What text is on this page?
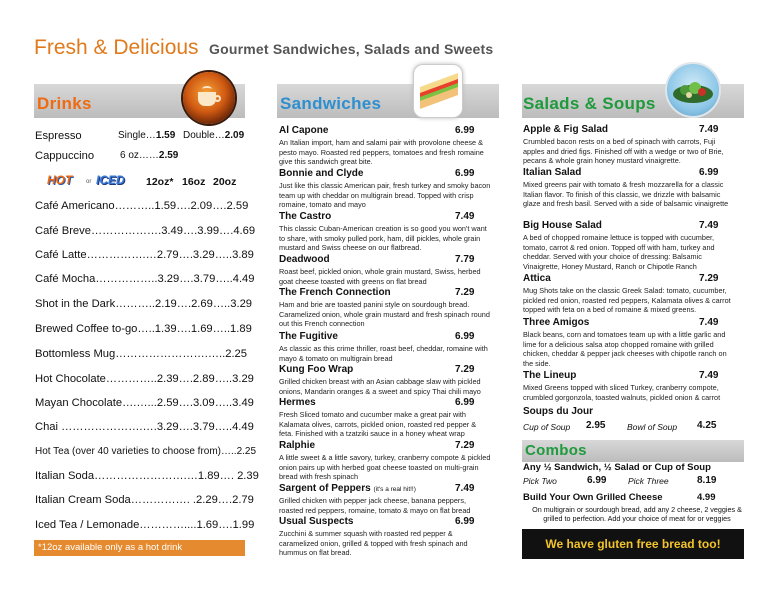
Fresh & Delicious Gourmet Sandwiches, Salads and Sweets
Drinks
Espresso	Single…1.59 Double…2.09
Cappuccino	6 oz……2.59
HOT or ICED 12oz* 16oz 20oz
Café Americano………..1.59….2.09….2.59
Café Breve……………….3.49….3.99….4.69
Café Latte…………….…2.79….3.29…..3.89
Café Mocha……………..3.29….3.79…..4.49
Shot in the Dark………..2.19….2.69…..3.29
Brewed Coffee to-go…..1.39….1.69…..1.89
Bottomless Mug…………………….…..2.25
Hot Chocolate…………..2.39….2.89…..3.29
Mayan Chocolate….…...2.59….3.09…..3.49
Chai ………………….….3.29….3.79…..4.49
Hot Tea (over 40 varieties to choose from)…..2.25
Italian Soda…………………….…1.89…. 2.39
Italian Cream Soda……………. .2.29….2.79
Iced Tea / Lemonade…………....1.69….1.99
*12oz available only as a hot drink
Sandwiches
Al Capone	6.99
An Italian import, ham and salami pair with provolone cheese & pesto mayo. Roasted red peppers, tomatoes and fresh romaine give this sandwich great bite.
Bonnie and Clyde	6.99
Just like this classic American pair, fresh turkey and smoky bacon team up with cheddar on multigrain bread. Topped with crisp romaine, tomato and mayo
The Castro	7.49
This classic Cuban-American creation is so good you won't want to share, with smoky pulled pork, ham, dill pickles, whole grain mustard and Swiss cheese on our flatbread.
Deadwood	7.79
Roast beef, pickled onion, whole grain mustard, Swiss, herbed goat cheese toasted with greens on flat bread
The French Connection	7.29
Ham and brie are toasted panini style on sourdough bread. Caramelized onion, whole grain mustard and fresh spinach round out this French connection
The Fugitive	6.99
As classic as this crime thriller, roast beef, cheddar, romaine with mayo & tomato on multigrain bread
Kung Foo Wrap	7.29
Grilled chicken breast with an Asian cabbage slaw with pickled onions, Mandarin oranges & a sweet and spicy Thai chili mayo
Hermes	6.99
Fresh Sliced tomato and cucumber make a great pair with Kalamata olives, carrots, pickled onion, roasted red pepper & feta. Finished with a tzatziki sauce in a honey wheat wrap
Ralphie	7.29
A little sweet & a little savory, turkey, cranberry compote & pickled onion pairs up with herbed goat cheese toasted on multi-grain bread with fresh spinach
Sargent of Peppers (it's a real hit!!)	7.49
Grilled chicken with pepper jack cheese, banana peppers, roasted red peppers, romaine, tomato & mayo on flat bread
Usual Suspects	6.99
Zucchini & summer squash with roasted red pepper & caramelized onion, grilled & topped with fresh spinach and hummus on flat bread.
Salads & Soups
Apple & Fig Salad	7.49
Crumbled bacon rests on a bed of spinach with carrots, Fuji apples and dried figs. Finished off with a wedge or two of Brie, pecans & whole grain honey mustard vinaigrette.
Italian Salad	6.99
Mixed greens pair with tomato & fresh mozzarella for a classic Italian flavor. To finish of this classic, we drizzle with balsamic glaze and fresh basil. Served with a side of balsamic vinaigrette
Big House Salad	7.49
A bed of chopped romaine lettuce is topped with cucumber, tomato, carrot & red onion. Topped off with ham, turkey and cheddar. Served with your choice of dressing: Balsamic Vinaigrette, Honey Mustard, Ranch or Chipotle Ranch
Attica	7.29
Mug Shots take on the classic Greek Salad: tomato, cucumber, pickled red onion, roasted red peppers, Kalamata olives & carrot topped with feta on a bed of romaine & mixed greens.
Three Amigos	7.49
Black beans, corn and tomatoes team up with a little garlic and lime for a delicious salsa atop chopped romaine with grilled chicken, cheddar & pepper jack cheeses with chipotle ranch on the side.
The Lineup	7.49
Mixed Greens topped with sliced Turkey, cranberry compote, crumbled gorgonzola, toasted walnuts, pickled onion & carrot
Soups du Jour
Cup of Soup 2.95	Bowl of Soup 4.25
Combos
Any ½ Sandwich, ½ Salad or Cup of Soup
Pick Two	6.99	Pick Three	8.19
Build Your Own Grilled Cheese	4.99
On multigrain or sourdough bread, add any 2 cheese, 2 veggies & grilled to perfection. Add your choice of meat for or veggies
We have gluten free bread too!
